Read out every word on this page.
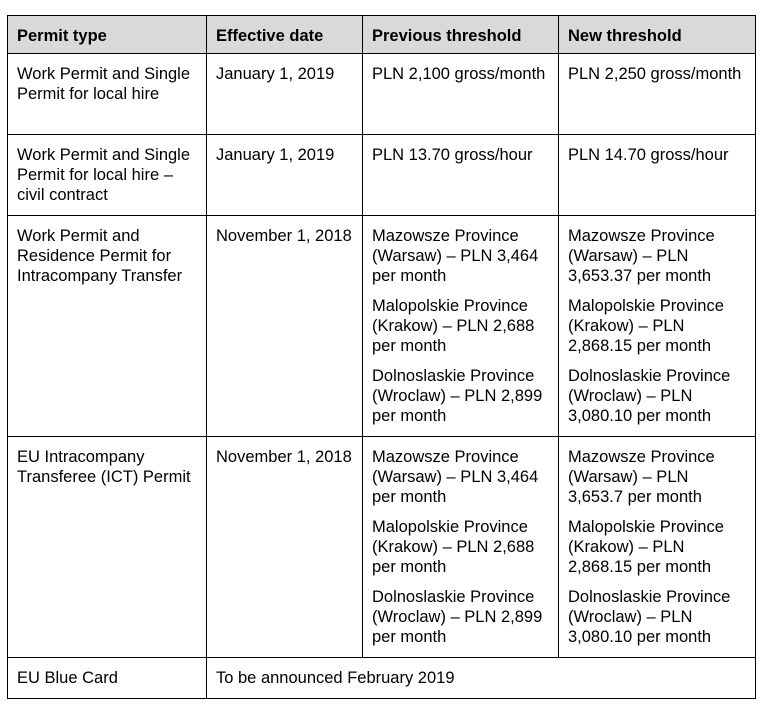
Permit type	Effective date	Previous threshold	New threshold

Work Permit and Single Permit for local hire	January 1, 2019	PLN 2,100 gross/month	PLN 2,250 gross/month

Work Permit and Single Permit for local hire – civil contract	January 1, 2019	PLN 13.70 gross/hour	PLN 14.70 gross/hour

Work Permit and Residence Permit for Intracompany Transfer	November 1, 2018	Mazowsze Province (Warsaw) – PLN 3,464 per month
Malopolskie Province (Krakow) – PLN 2,688 per month
Dolnoslaskie Province (Wroclaw) – PLN 2,899 per month	Mazowsze Province (Warsaw) – PLN 3,653.37 per month
Malopolskie Province (Krakow) – PLN 2,868.15 per month
Dolnoslaskie Province (Wroclaw) – PLN 3,080.10 per month

EU Intracompany Transferee (ICT) Permit	November 1, 2018	Mazowsze Province (Warsaw) – PLN 3,464 per month
Malopolskie Province (Krakow) – PLN 2,688 per month
Dolnoslaskie Province (Wroclaw) – PLN 2,899 per month	Mazowsze Province (Warsaw) – PLN 3,653.7 per month
Malopolskie Province (Krakow) – PLN 2,868.15 per month
Dolnoslaskie Province (Wroclaw) – PLN 3,080.10 per month

EU Blue Card	To be announced February 2019		
